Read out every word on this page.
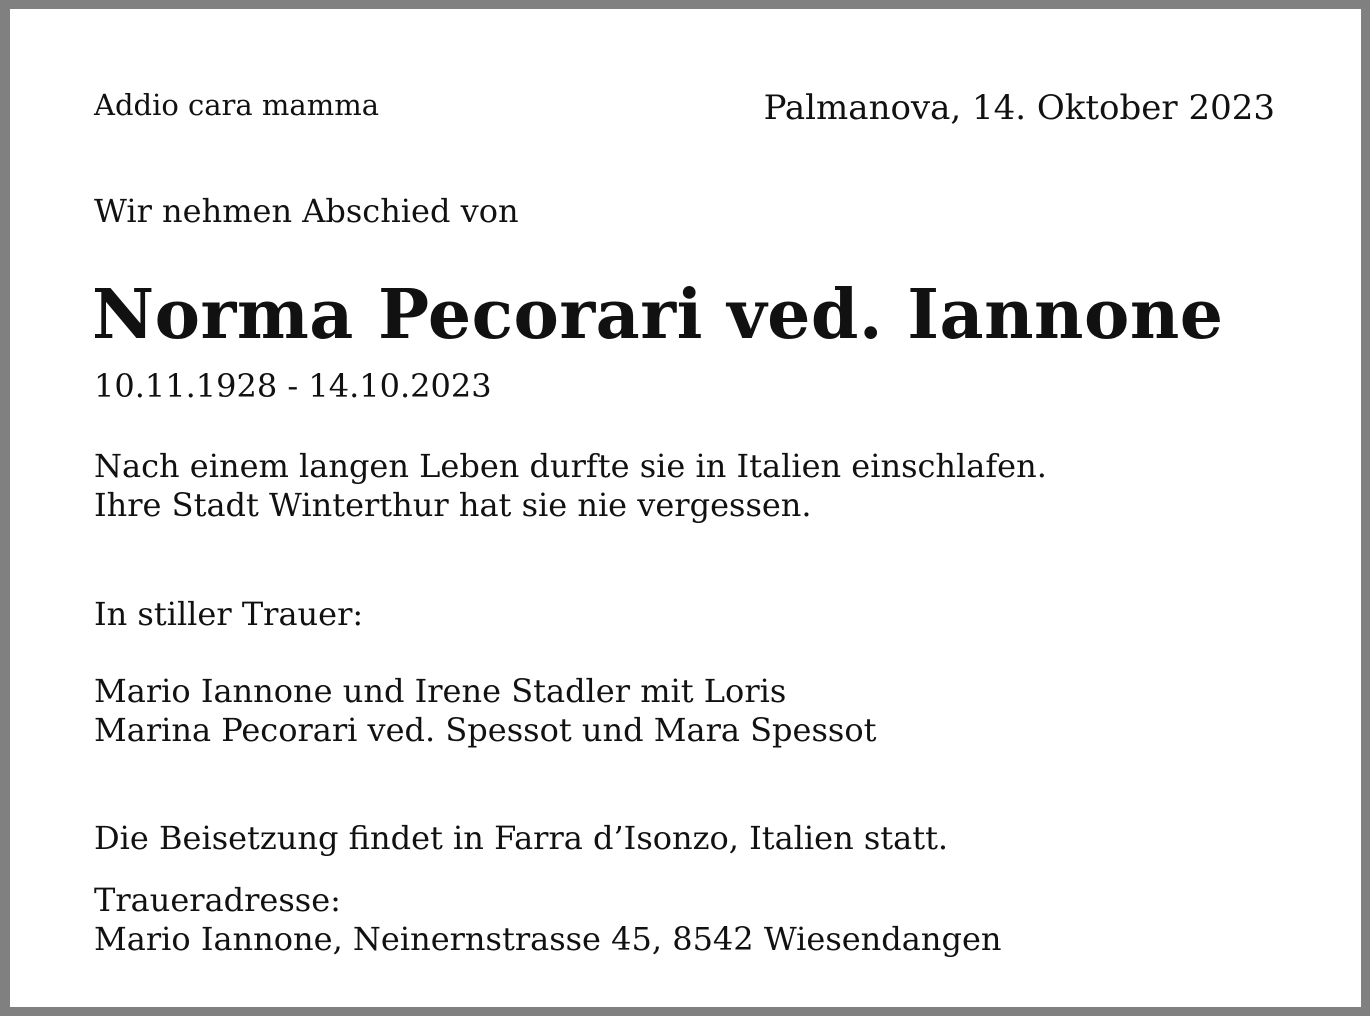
Addio cara mamma	Palmanova, 14. Oktober 2023

Wir nehmen Abschied von

Norma Pecorari ved. Iannone

10.11.1928 - 14.10.2023

Nach einem langen Leben durfte sie in Italien einschlafen.
Ihre Stadt Winterthur hat sie nie vergessen.
In stiller Trauer:
Mario Iannone und Irene Stadler mit Loris
Marina Pecorari ved. Spessot und Mara Spessot
Die Beisetzung findet in Farra d’Isonzo, Italien statt.
Traueradresse:
Mario Iannone, Neinernstrasse 45, 8542 Wiesendangen
